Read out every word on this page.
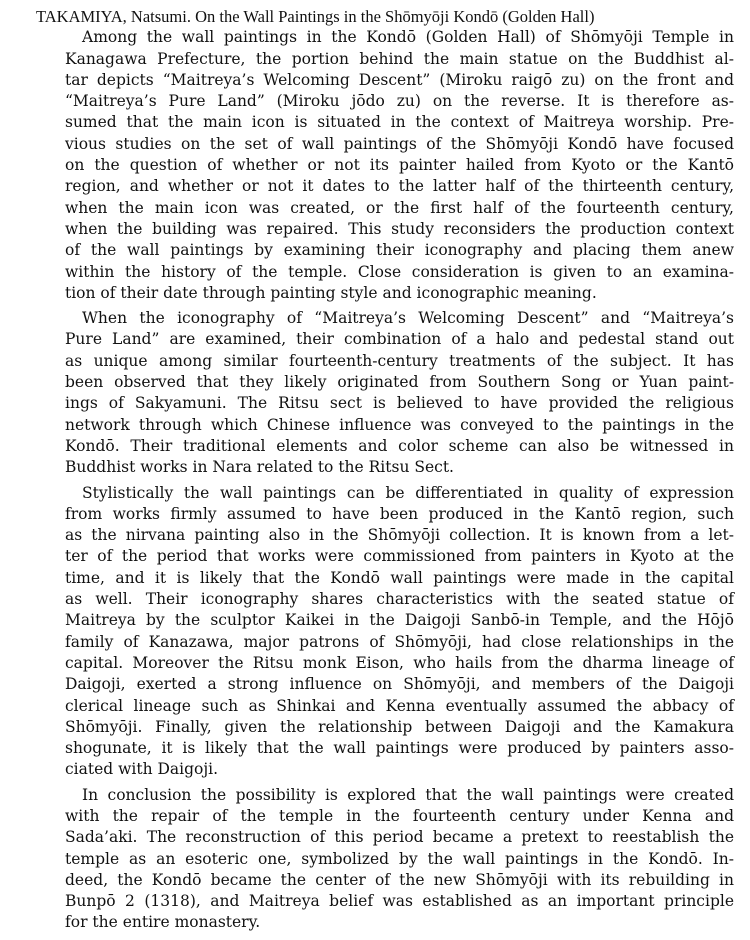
TAKAMIYA, Natsumi. On the Wall Paintings in the Shōmyōji Kondō (Golden Hall)
Among the wall paintings in the Kondō (Golden Hall) of Shōmyōji Temple in
Kanagawa Prefecture, the portion behind the main statue on the Buddhist al-
tar depicts “Maitreya’s Welcoming Descent” (Miroku raigō zu) on the front and
“Maitreya’s Pure Land” (Miroku jōdo zu) on the reverse. It is therefore as-
sumed that the main icon is situated in the context of Maitreya worship. Pre-
vious studies on the set of wall paintings of the Shōmyōji Kondō have focused
on the question of whether or not its painter hailed from Kyoto or the Kantō
region, and whether or not it dates to the latter half of the thirteenth century,
when the main icon was created, or the first half of the fourteenth century,
when the building was repaired. This study reconsiders the production context
of the wall paintings by examining their iconography and placing them anew
within the history of the temple. Close consideration is given to an examina-
tion of their date through painting style and iconographic meaning.
When the iconography of “Maitreya’s Welcoming Descent” and “Maitreya’s
Pure Land” are examined, their combination of a halo and pedestal stand out
as unique among similar fourteenth-century treatments of the subject. It has
been observed that they likely originated from Southern Song or Yuan paint-
ings of Sakyamuni. The Ritsu sect is believed to have provided the religious
network through which Chinese influence was conveyed to the paintings in the
Kondō. Their traditional elements and color scheme can also be witnessed in
Buddhist works in Nara related to the Ritsu Sect.
Stylistically the wall paintings can be differentiated in quality of expression
from works firmly assumed to have been produced in the Kantō region, such
as the nirvana painting also in the Shōmyōji collection. It is known from a let-
ter of the period that works were commissioned from painters in Kyoto at the
time, and it is likely that the Kondō wall paintings were made in the capital
as well. Their iconography shares characteristics with the seated statue of
Maitreya by the sculptor Kaikei in the Daigoji Sanbō-in Temple, and the Hōjō
family of Kanazawa, major patrons of Shōmyōji, had close relationships in the
capital. Moreover the Ritsu monk Eison, who hails from the dharma lineage of
Daigoji, exerted a strong influence on Shōmyōji, and members of the Daigoji
clerical lineage such as Shinkai and Kenna eventually assumed the abbacy of
Shōmyōji. Finally, given the relationship between Daigoji and the Kamakura
shogunate, it is likely that the wall paintings were produced by painters asso-
ciated with Daigoji.
In conclusion the possibility is explored that the wall paintings were created
with the repair of the temple in the fourteenth century under Kenna and
Sada’aki. The reconstruction of this period became a pretext to reestablish the
temple as an esoteric one, symbolized by the wall paintings in the Kondō. In-
deed, the Kondō became the center of the new Shōmyōji with its rebuilding in
Bunpō 2 (1318), and Maitreya belief was established as an important principle
for the entire monastery.
